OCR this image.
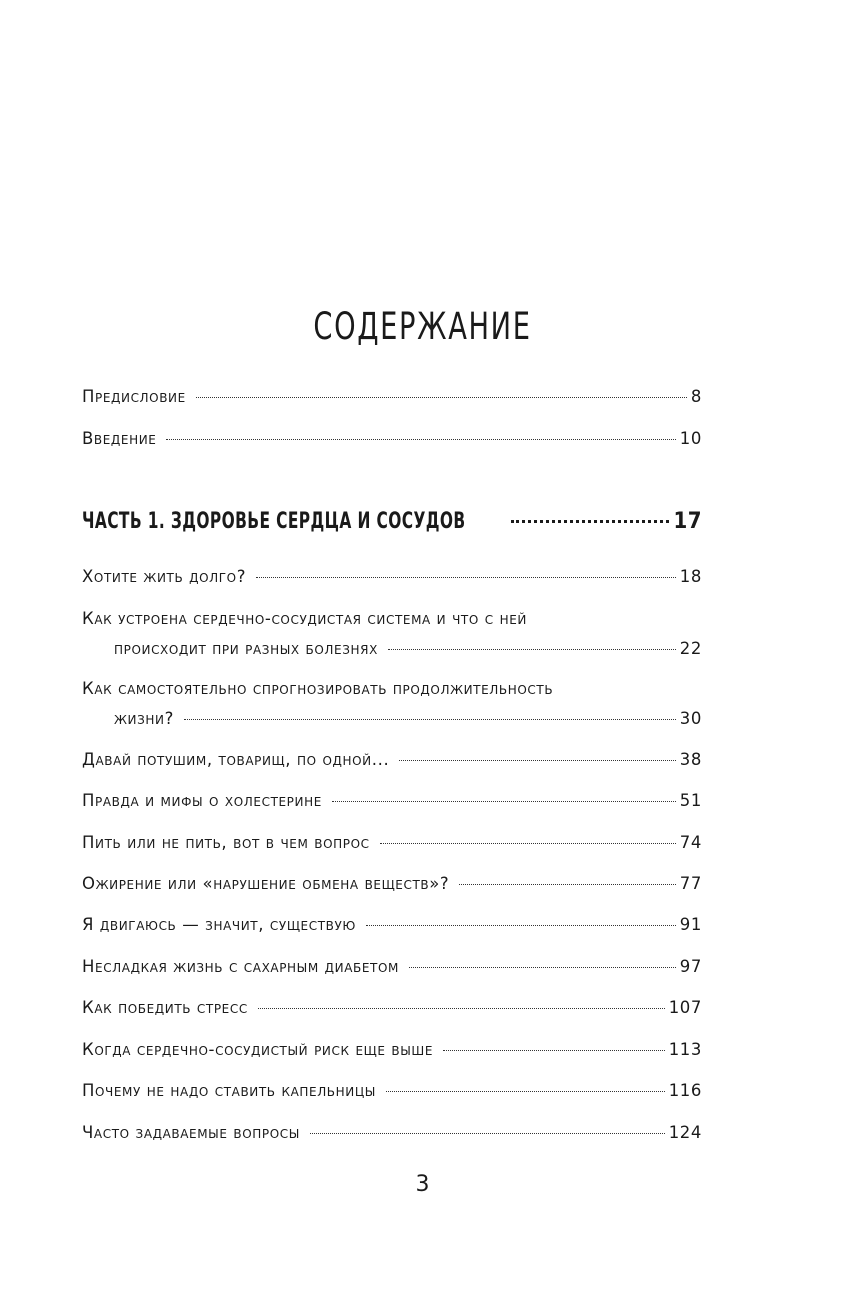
СОДЕРЖАНИЕ
Предисловие	8
Введение	10
ЧАСТЬ 1. ЗДОРОВЬЕ СЕРДЦА И СОСУДОВ	17
Хотите жить долго?	18
Как устроена сердечно-сосудистая система и что с ней
происходит при разных болезнях	22
Как самостоятельно спрогнозировать продолжительность
жизни?	30
Давай потушим, товарищ, по одной...	38
Правда и мифы о холестерине	51
Пить или не пить, вот в чем вопрос	74
Ожирение или «нарушение обмена веществ»?	77
Я двигаюсь — значит, существую	91
Несладкая жизнь с сахарным диабетом	97
Как победить стресс	107
Когда сердечно-сосудистый риск еще выше	113
Почему не надо ставить капельницы	116
Часто задаваемые вопросы	124
3
